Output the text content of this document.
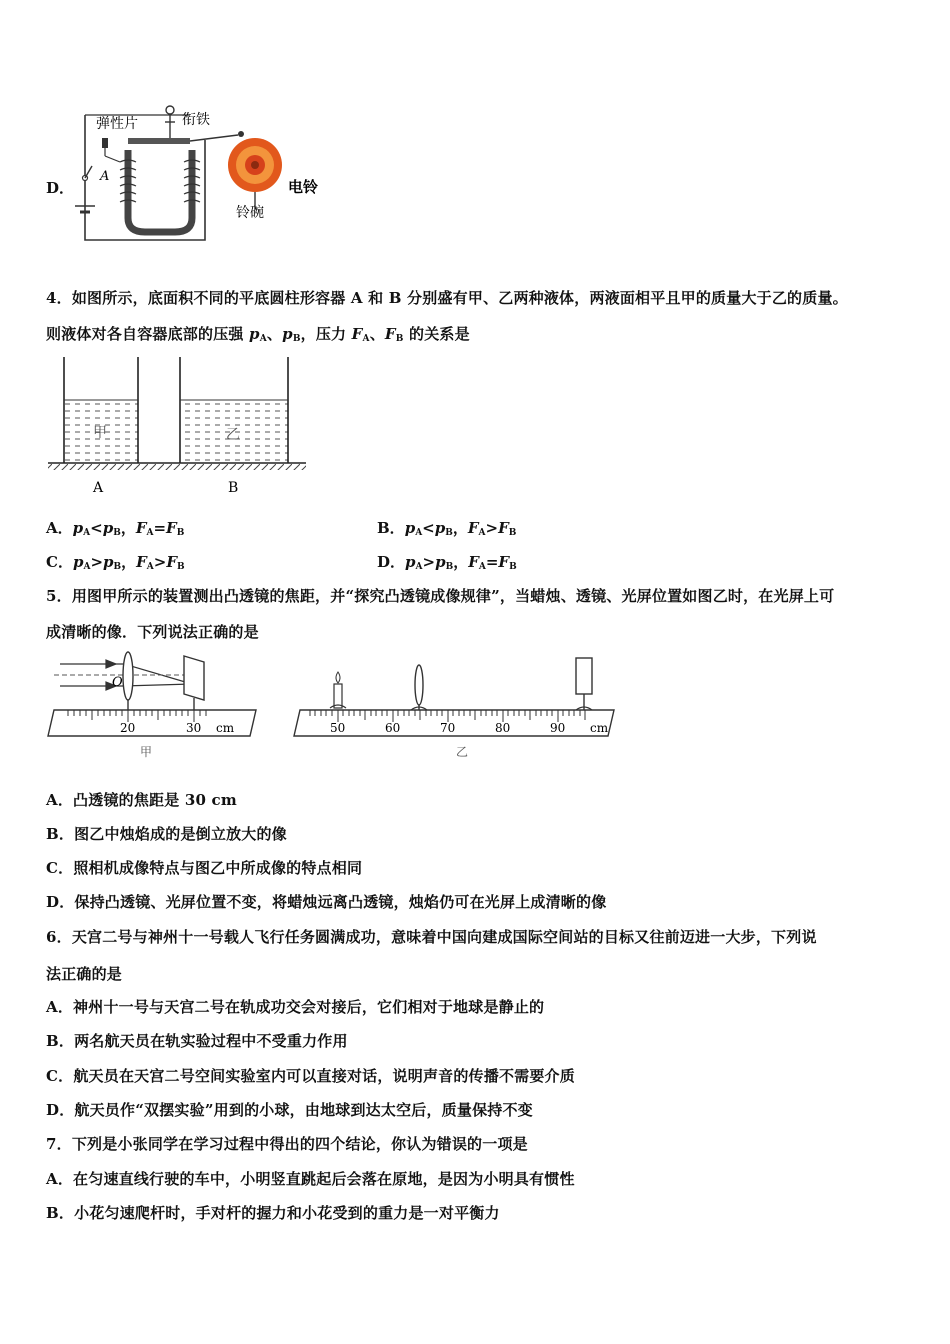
D．
弹性片	衔铁
A
电铃
铃碗
4．如图所示，底面积不同的平底圆柱形容器 A 和 B 分别盛有甲、乙两种液体，两液面相平且甲的质量大于乙的质量。
则液体对各自容器底部的压强 $p_A$、$p_B$，压力 $F_A$、$F_B$ 的关系是
甲	乙
A	B
A．$p_A<p_B$，$F_A=F_B$	B．$p_A<p_B$，$F_A>F_B$
C．$p_A>p_B$，$F_A>F_B$	D．$p_A>p_B$，$F_A=F_B$
5．用图甲所示的装置测出凸透镜的焦距，并“探究凸透镜成像规律”，当蜡烛、透镜、光屏位置如图乙时，在光屏上可
成清晰的像．下列说法正确的是
O
20	30 cm
甲
50	60	70	80	90 cm
乙
A．凸透镜的焦距是 30 cm
B．图乙中烛焰成的是倒立放大的像
C．照相机成像特点与图乙中所成像的特点相同
D．保持凸透镜、光屏位置不变，将蜡烛远离凸透镜，烛焰仍可在光屏上成清晰的像
6．天宫二号与神州十一号载人飞行任务圆满成功，意味着中国向建成国际空间站的目标又往前迈进一大步，下列说
法正确的是
A．神州十一号与天宫二号在轨成功交会对接后，它们相对于地球是静止的
B．两名航天员在轨实验过程中不受重力作用
C．航天员在天宫二号空间实验室内可以直接对话，说明声音的传播不需要介质
D．航天员作“双摆实验”用到的小球，由地球到达太空后，质量保持不变
7．下列是小张同学在学习过程中得出的四个结论，你认为错误的一项是
A．在匀速直线行驶的车中，小明竖直跳起后会落在原地，是因为小明具有惯性
B．小花匀速爬杆时，手对杆的握力和小花受到的重力是一对平衡力
